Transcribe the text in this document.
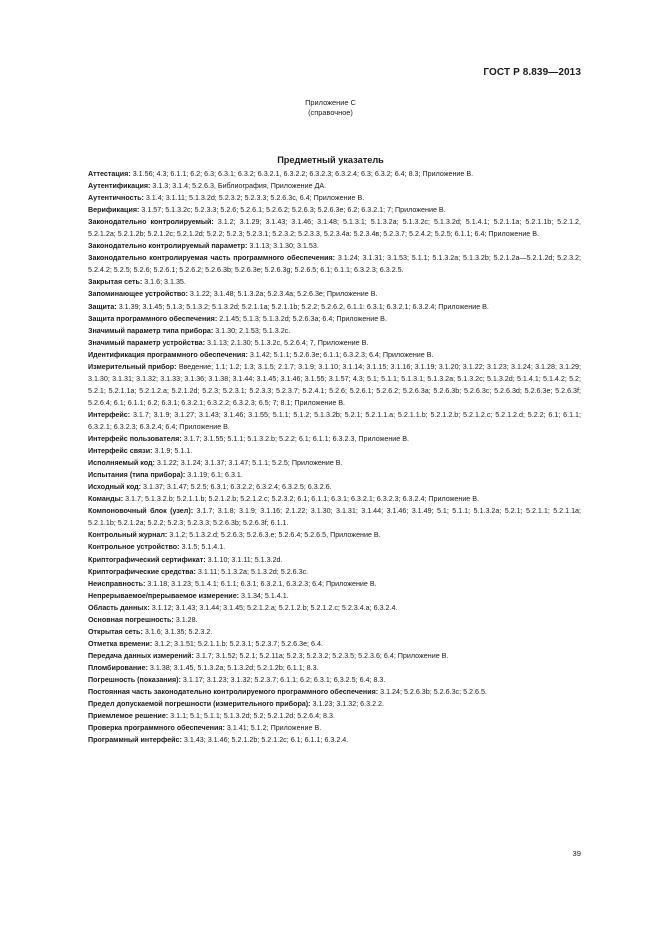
ГОСТ Р 8.839—2013
Приложение С
(справочное)
Предметный указатель
Аттестация: 3.1.56; 4.3; 6.1.1; 6.2; 6.3; 6.3.1; 6.3.2; 6.3.2.1, 6.3.2.2; 6.3.2.3; 6.3.2.4; 6.3; 6.3.2; 6.4; 8.3; Приложение В.
Аутентификация: 3.1.3; 3.1.4; 5.2.6.3, Библиография, Приложение ДА.
Аутентичность: 3.1.4; 3.1.11; 5.1.3.2d; 5.2.3.2; 5.2.3.3; 5.2.6.3с, 6.4; Приложение В.
Верификация: 3.1.57; 5.1.3.2с; 5.2.3.3; 5.2.6; 5.2.6.1; 5.2.6.2; 5.2.6.3; 5.2.6.3е; 6.2; 6.3.2.1; 7; Приложение В.
Законодательно контролируемый: 3.1.2; 3.1.29; 3.1.43; 3.1.46; 3.1.48; 5.1.3.1; 5.1.3.2а; 5.1.3.2с; 5.1.3.2d; 5.1.4.1; 5.2.1.1a; 5.2.1.1b; 5.2.1.2, 5.2.1.2a; 5.2.1.2b; 5.2.1.2c; 5.2.1.2d; 5.2.2; 5.2.3; 5.2.3.1; 5.2.3.2; 5.2.3.3, 5.2.3.4a: 5.2.3.4в; 5.2.3.7; 5.2.4.2; 5.2.5; 6.1.1; 6.4; Приложение В.
Законодательно контролируемый параметр: 3.1.13; 3.1.30; 3.1.53.
Законодательно контролируемая часть программного обеспечения: 3.1.24; 3.1.31; 3.1.53; 5.1.1; 5.1.3.2а; 5.1.3.2b; 5.2.1.2a—5.2.1.2d; 5.2.3.2; 5.2.4.2; 5.2.5; 5.2.6; 5.2.6.1; 5.2.6.2; 5.2.6.3b; 5.2.6.3е; 5.2.6.3g; 5.2.6.5; 6.1; 6.1.1; 6.3.2.3; 6.3.2.5.
Закрытая сеть: 3.1.6; 3.1.35.
Запоминающее устройство: 3.1.22; 3.1.48; 5.1.3.2а; 5.2.3.4а; 5.2.6.3е; Приложение В.
Защита: 3.1.39; 3.1.45; 5.1.3; 5.1.3.2; 5.1.3.2d; 5.2.1.1a; 5.2.1.1b; 5.2.2; 5.2.6.2, 6.1.1: 6.3.1; 6.3.2.1; 6.3.2.4; Приложение В.
Защита программного обеспечения: 2.1.45; 5.1.3; 5.1.3.2d; 5.2.6.3а; 6.4; Приложение В.
Значимый параметр типа прибора: 3.1.30; 2.1.53; 5.1.3.2с.
Значимый параметр устройства: 3.1.13; 2.1.30; 5.1.3.2с, 5.2.6.4; 7, Приложение В.
Идентификация программного обеспечения: 3.1.42; 5.1.1; 5.2.6.3е; 6.1.1; 6.3.2.3; 6.4; Приложение В.
Измерительный прибор: Введение; 1.1; 1.2; 1.3; 3.1.5; 2.1.7; 3.1.9; 3.1.10; 3.1.14; 3.1.15; 3.1.16; 3.1.19; 3.1.20; 3.1.22; 3.1.23; 3.1.24; 3.1.28; 3.1.29; 3.1.30; 3.1.31; 3.1.32; 3.1.33; 3.1.36; 3.1.38; 3.1.44; 3.1.45; 3.1.46; 3.1.55; 3.1.57; 4.3; 5.1; 5.1.1; 5.1.3.1; 5.1.3.2а; 5.1.3.2с; 5.1.3.2d; 5.1.4.1; 5.1.4.2; 5.2; 5.2.1; 5.2.1.1а; 5.2.1.2.а; 5.2.1.2d; 5.2.3; 5.2.3.1; 5.2.3.3; 5.2.3.7; 5.2.4.1; 5.2.6; 5.2.6.1; 5.2.6.2; 5.2.6.3а; 5.2.6.3b; 5.2.6.3с; 5.2.6.3d; 5.2.6.3е; 5.2.6.3f; 5.2.6.4; 6.1; 6.1.1; 6.2; 6.3.1; 6.3.2.1; 6.3.2.2; 6.3.2.3; 6.5; 7; 8.1; Приложение В.
Интерфейс: 3.1.7; 3.1.9; 3.1.27; 3.1.43; 3.1.46; 3.1.55; 5.1.1; 5.1.2; 5.1.3.2b; 5.2.1; 5.2.1.1.а; 5.2.1.1.b; 5.2.1.2.b; 5.2.1.2.с; 5.2.1.2.d; 5.2.2; 6.1; 6.1.1; 6.3.2.1; 6.3.2.3; 6.3.2.4; 6.4; Приложение В.
Интерфейс пользователя: 3.1.7; 3.1.55; 5.1.1; 5.1.3.2.b; 5.2.2; 6.1; 6.1.1; 6.3.2.3, Приложение В.
Интерфейс связи: 3.1.9; 5.1.1.
Исполняемый код: 3.1.22; 3.1.24; 3.1.37; 3.1.47; 5.1.1; 5.2.5; Приложение В.
Испытания (типа прибора): 3.1.19; 6.1; 6.3.1.
Исходный код: 3.1.37; 3.1.47; 5.2.5; 6.3.1; 6.3.2.2; 6.3.2.4; 6.3.2.5; 6.3.2.6.
Команды: 3.1.7; 5.1.3.2.b; 5.2.1.1.b; 5.2.1.2.b; 5.2.1.2.с; 5.2.3.2; 6.1; 6.1.1; 6.3.1; 6.3.2.1; 6.3.2.3; 6.3.2.4; Приложение В.
Компоновочный блок (узел): 3.1.7; 3.1.8; 3.1.9; 3.1.16; 2.1.22; 3.1.30; 3.1.31; 3.1.44; 3.1.46; 3.1.49; 5.1; 5.1.1; 5.1.3.2а; 5.2.1; 5.2.1.1; 5.2.1.1а; 5.2.1.1b; 5.2.1.2а; 5.2.2; 5.2.3; 5.2.3.3; 5.2.6.3b; 5.2.6.3f; 6.1.1.
Контрольный журнал: 3.1.2; 5.1.3.2.d; 5.2.6.3; 5.2.6.3.е; 5.2.6.4; 5.2.6.5, Приложение В.
Контрольное устройство: 3.1.5; 5.1.4.1.
Криптографический сертификат: 3.1.10; 3.1.11; 5.1.3.2d.
Криптографические средства: 3.1.11; 5.1.3.2а; 5.1.3.2d; 5.2.6.3с.
Неисправность: 3.1.18; 3.1.23; 5.1.4.1; 6.1.1; 6.3.1; 6.3.2.1, 6.3.2.3; 6.4; Приложение В.
Непрерываемое/прерываемое измерение: 3.1.34; 5.1.4.1.
Область данных: 3.1.12; 3.1.43; 3.1.44; 3.1.45; 5.2.1.2.а; 5.2.1.2.b; 5.2.1.2.с; 5.2.3.4.а; 6.3.2.4.
Основная погрешность: 3.1.28.
Открытая сеть: 3.1.6; 3.1.35; 5.2.3.2.
Отметка времени: 3.1.2; 3.1.51; 5.2.1.1.b; 5.2.3.1; 5.2.3.7; 5.2.6.3е; 6.4.
Передача данных измерений: 3.1.7; 3.1.52; 5.2.1; 5.2.11а; 5.2.3; 5.2.3.2; 5.2.3.5; 5.2.3.6; 6.4; Приложение В.
Пломбирование: 3.1.38; 3.1.45, 5.1.3.2а; 5.1.3.2d; 5.2.1.2b; 6.1.1; 8.3.
Погрешность (показания): 3.1.17; 3.1.23; 3.1.32; 5.2.3.7; 6.1.1; 6.2; 6.3.1; 6.3.2.5; 6.4; 8.3.
Постоянная часть законодательно контролируемого программного обеспечения: 3.1.24; 5.2.6.3b; 5.2.6.3с; 5.2.6.5.
Предел допускаемой погрешности (измерительного прибора): 3.1.23; 3.1.32; 6.3.2.2.
Приемлемое решение: 3.1.1; 5.1; 5.1.1; 5.1.3.2d; 5.2; 5.2.1.2d; 5.2.6.4; 8.3.
Проверка программного обеспечения: 3.1.41; 5.1.2; Приложение В.
Программный интерфейс: 3.1.43; 3.1.46; 5.2.1.2b; 5.2.1.2с; 6.1; 6.1.1; 6.3.2.4.
39
